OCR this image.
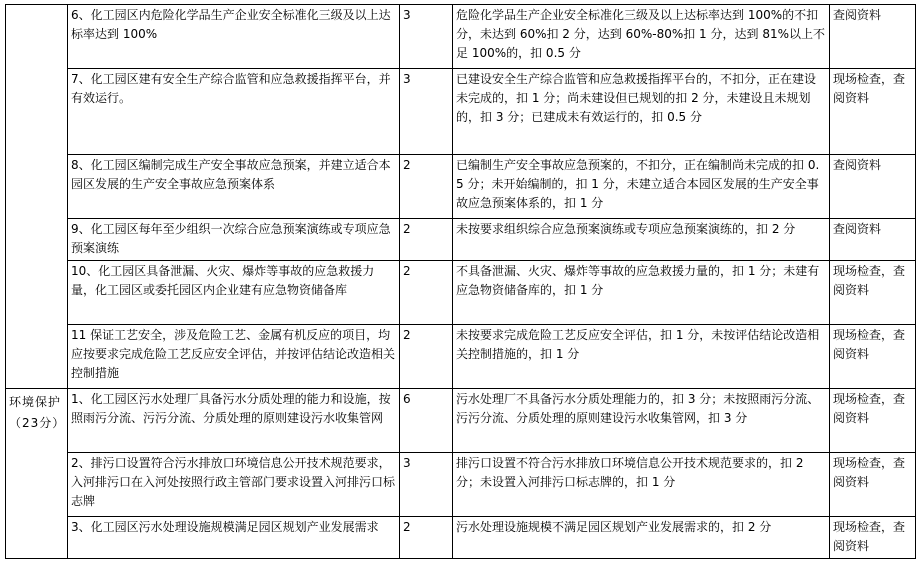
	6、化工园区内危险化学品生产企业安全标准化三级及以上达标率达到 100%	3	危险化学品生产企业安全标准化三级及以上达标率达到 100%的不扣分，未达到 60%扣 2 分，达到 60%-80%扣 1 分，达到 81%以上不足 100%的，扣 0.5 分	查阅资料
	7、化工园区建有安全生产综合监管和应急救援指挥平台，并有效运行。	3	已建设安全生产综合监管和应急救援指挥平台的，不扣分，正在建设未完成的，扣 1 分；尚未建设但已规划的扣 2 分，未建设且未规划的，扣 3 分；已建成未有效运行的，扣 0.5 分	现场检查，查阅资料
	8、化工园区编制完成生产安全事故应急预案，并建立适合本园区发展的生产安全事故应急预案体系	2	已编制生产安全事故应急预案的，不扣分，正在编制尚未完成的扣 0.5 分；未开始编制的，扣 1 分，未建立适合本园区发展的生产安全事故应急预案体系的，扣 1 分	查阅资料
	9、化工园区每年至少组织一次综合应急预案演练或专项应急预案演练	2	未按要求组织综合应急预案演练或专项应急预案演练的，扣 2 分	查阅资料
	10、化工园区具备泄漏、火灾、爆炸等事故的应急救援力量，化工园区或委托园区内企业建有应急物资储备库	2	不具备泄漏、火灾、爆炸等事故的应急救援力量的，扣 1 分；未建有应急物资储备库的，扣 1 分	现场检查，查阅资料
	11 保证工艺安全，涉及危险工艺、金属有机反应的项目，均应按要求完成危险工艺反应安全评估，并按评估结论改造相关控制措施	2	未按要求完成危险工艺反应安全评估，扣 1 分，未按评估结论改造相关控制措施的，扣 1 分	现场检查，查阅资料
环境保护（23分）	1、化工园区污水处理厂具备污水分质处理的能力和设施，按照雨污分流、污污分流、分质处理的原则建设污水收集管网	6	污水处理厂不具备污水分质处理能力的，扣 3 分；未按照雨污分流、污污分流、分质处理的原则建设污水收集管网，扣 3 分	现场检查，查阅资料
	2、排污口设置符合污水排放口环境信息公开技术规范要求，入河排污口在入河处按照行政主管部门要求设置入河排污口标志牌	3	排污口设置不符合污水排放口环境信息公开技术规范要求的，扣 2 分；未设置入河排污口标志牌的，扣 1 分	现场检查，查阅资料
	3、化工园区污水处理设施规模满足园区规划产业发展需求	2	污水处理设施规模不满足园区规划产业发展需求的，扣 2 分	现场检查，查阅资料
